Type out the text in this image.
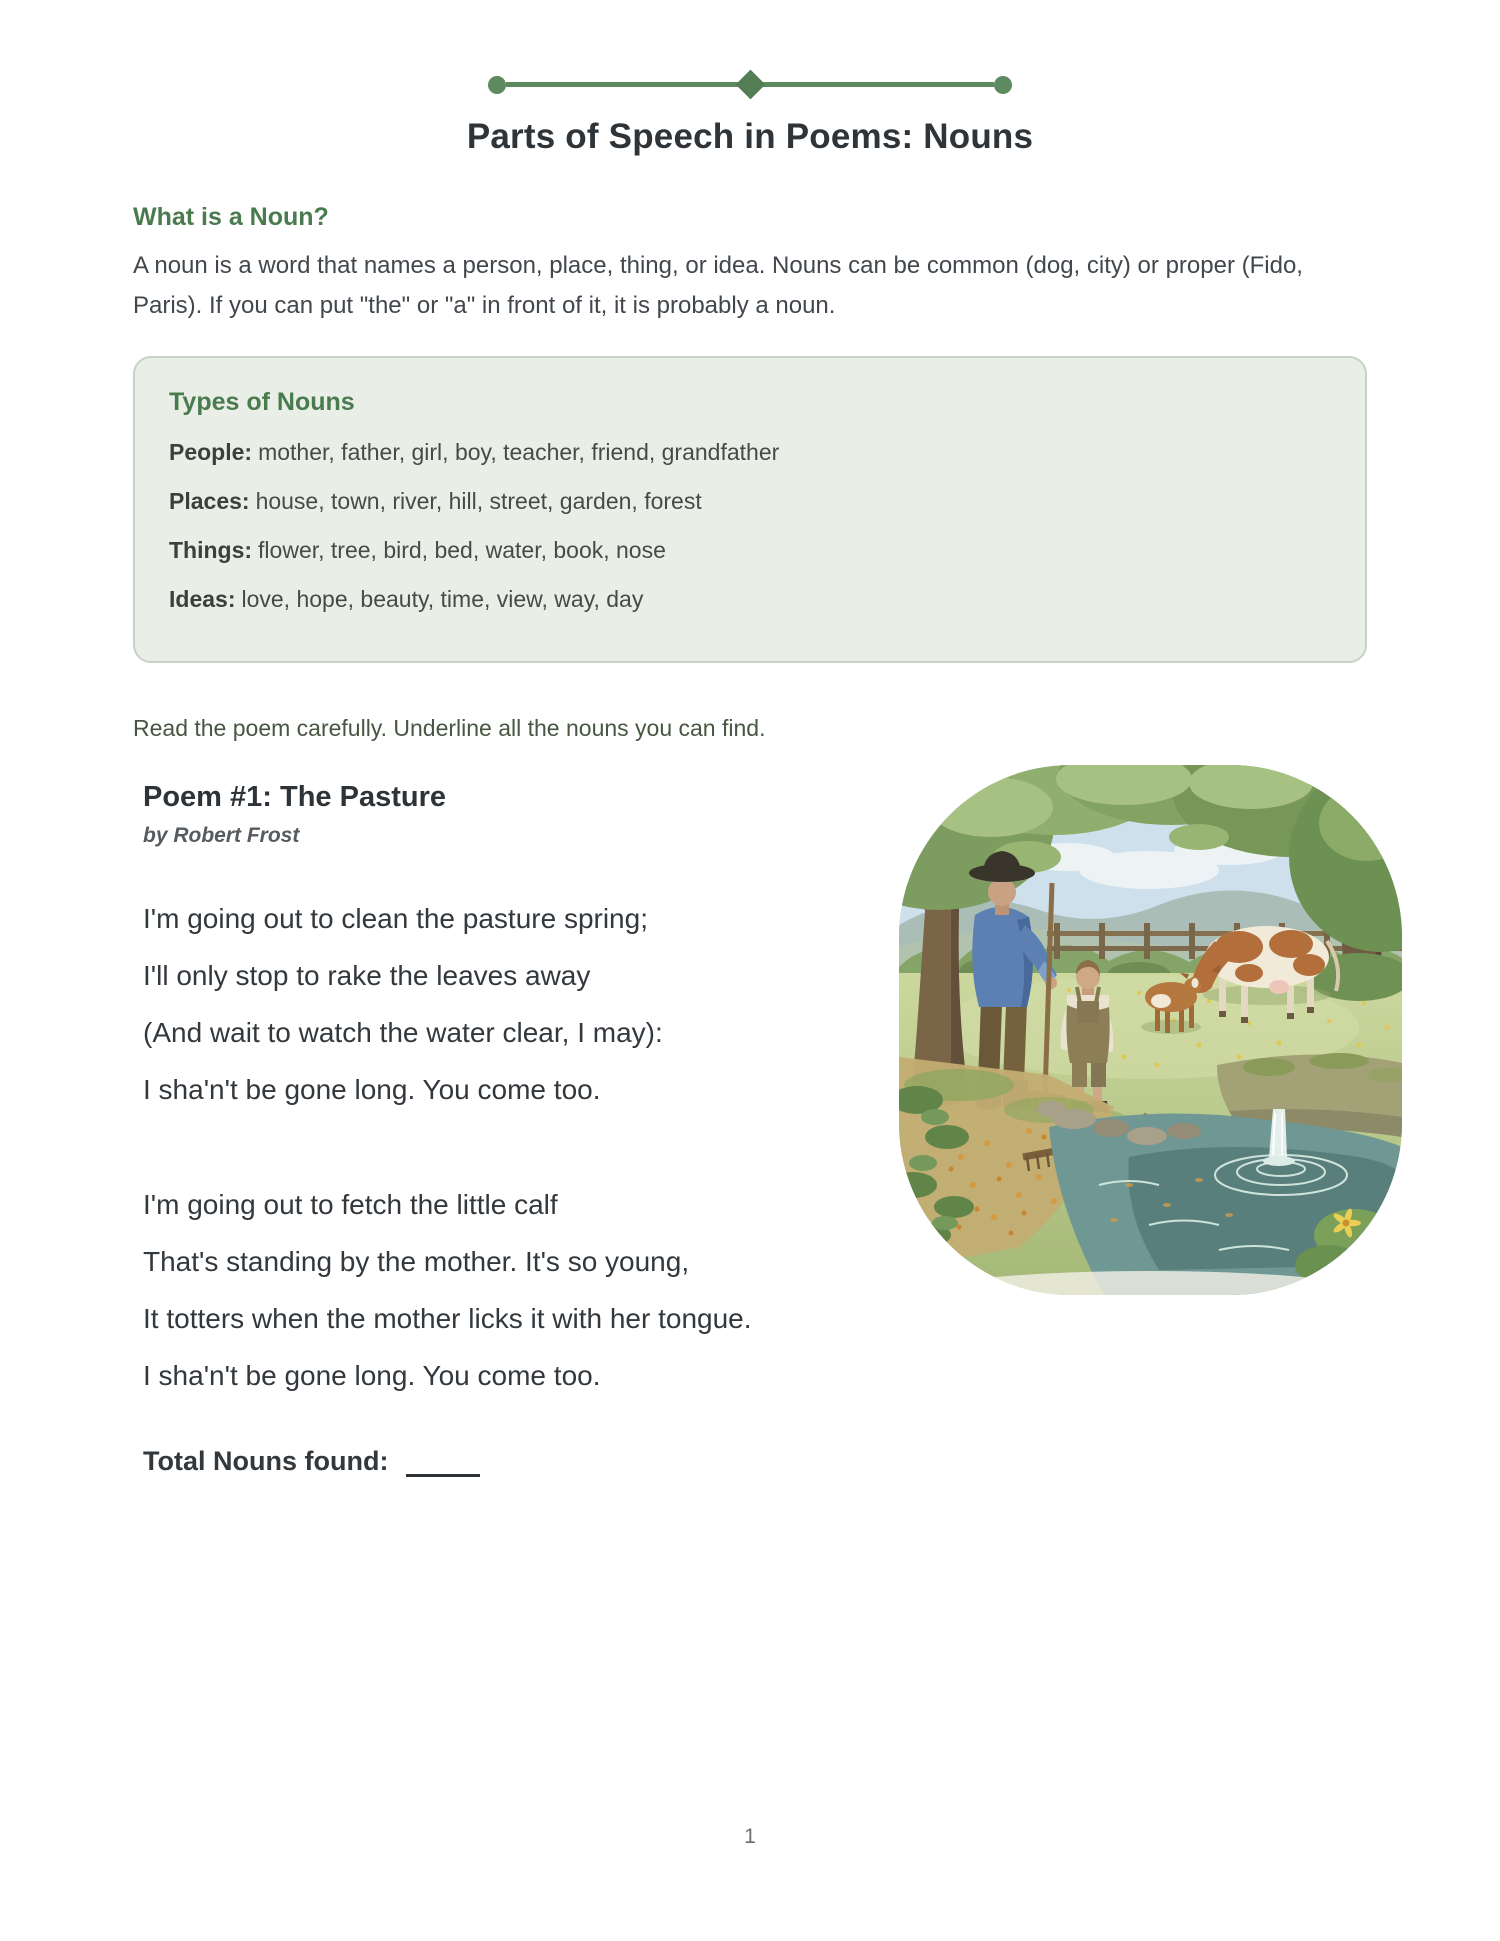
Parts of Speech in Poems: Nouns
What is a Noun?

A noun is a word that names a person, place, thing, or idea. Nouns can be common (dog, city) or proper (Fido, Paris). If you can put "the" or "a" in front of it, it is probably a noun.

Types of Nouns
People: mother, father, girl, boy, teacher, friend, grandfather
Places: house, town, river, hill, street, garden, forest
Things: flower, tree, bird, bed, water, book, nose
Ideas: love, hope, beauty, time, view, way, day

Read the poem carefully. Underline all the nouns you can find.

Poem #1: The Pasture
by Robert Frost
I'm going out to clean the pasture spring;
I'll only stop to rake the leaves away
(And wait to watch the water clear, I may):
I sha'n't be gone long. You come too.
I'm going out to fetch the little calf
That's standing by the mother. It's so young,
It totters when the mother licks it with her tongue.
I sha'n't be gone long. You come too.
Total Nouns found:
1
